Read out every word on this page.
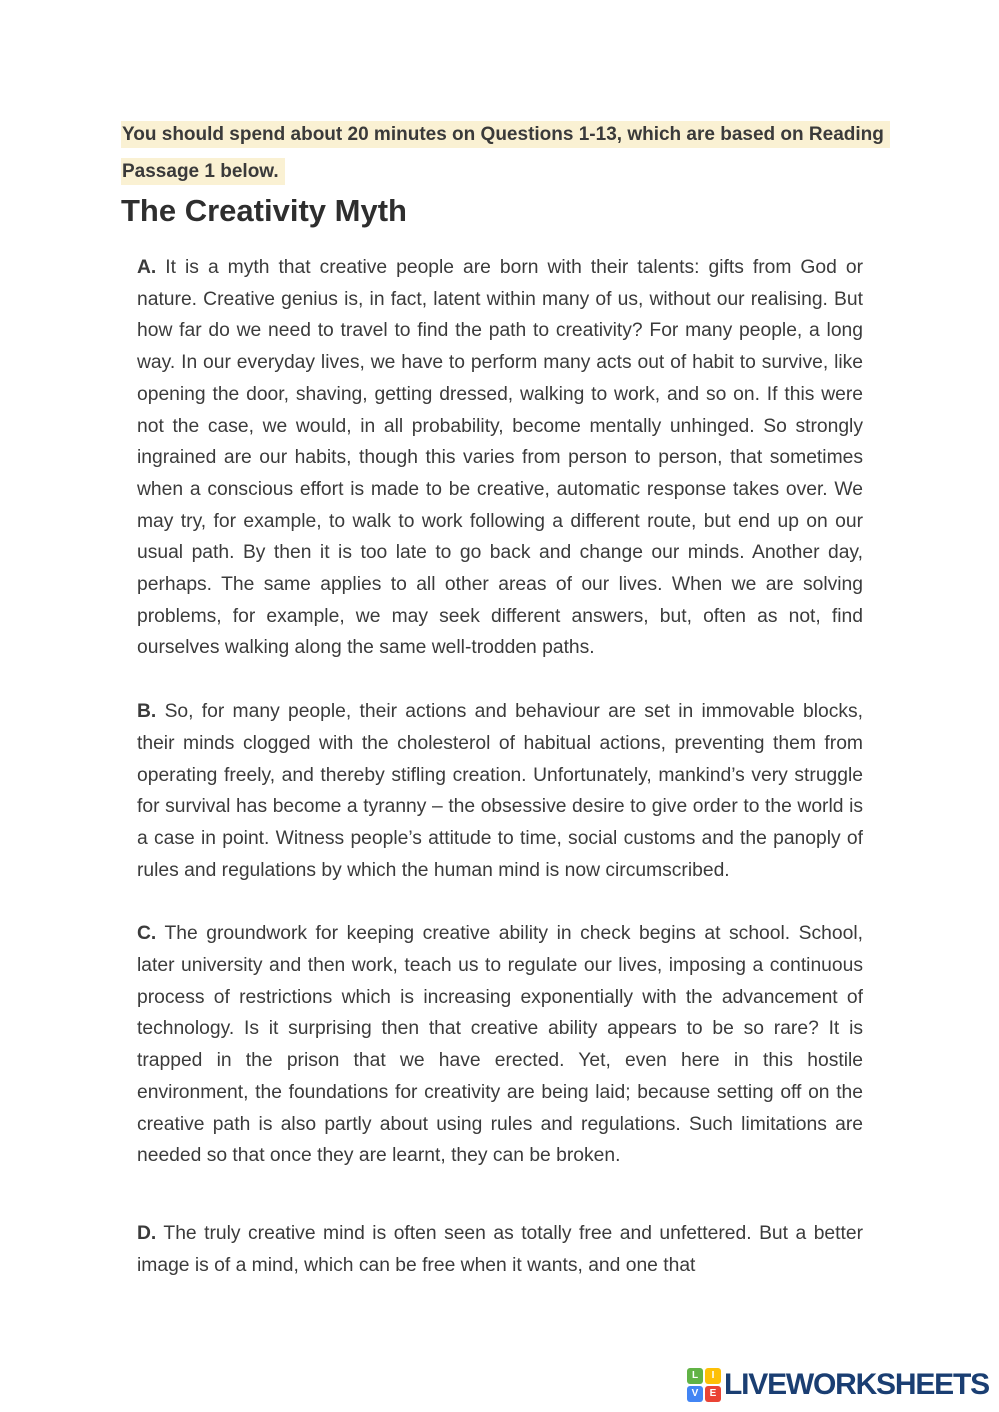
You should spend about 20 minutes on Questions 1-13, which are based on Reading
Passage 1 below.
The Creativity Myth

A. It is a myth that creative people are born with their talents: gifts from God or nature. Creative genius is, in fact, latent within many of us, without our realising. But how far do we need to travel to find the path to creativity? For many people, a long way. In our everyday lives, we have to perform many acts out of habit to survive, like opening the door, shaving, getting dressed, walking to work, and so on. If this were not the case, we would, in all probability, become mentally unhinged. So strongly ingrained are our habits, though this varies from person to person, that sometimes when a conscious effort is made to be creative, automatic response takes over. We may try, for example, to walk to work following a different route, but end up on our usual path. By then it is too late to go back and change our minds. Another day, perhaps. The same applies to all other areas of our lives. When we are solving problems, for example, we may seek different answers, but, often as not, find ourselves walking along the same well-trodden paths.

B. So, for many people, their actions and behaviour are set in immovable blocks, their minds clogged with the cholesterol of habitual actions, preventing them from operating freely, and thereby stifling creation. Unfortunately, mankind’s very struggle for survival has become a tyranny – the obsessive desire to give order to the world is a case in point. Witness people’s attitude to time, social customs and the panoply of rules and regulations by which the human mind is now circumscribed.

C. The groundwork for keeping creative ability in check begins at school. School, later university and then work, teach us to regulate our lives, imposing a continuous process of restrictions which is increasing exponentially with the advancement of technology. Is it surprising then that creative ability appears to be so rare? It is trapped in the prison that we have erected. Yet, even here in this hostile environment, the foundations for creativity are being laid; because setting off on the creative path is also partly about using rules and regulations. Such limitations are needed so that once they are learnt, they can be broken.

D. The truly creative mind is often seen as totally free and unfettered. But a better image is of a mind, which can be free when it wants, and one that

L	I
V	E LIVEWORKSHEETS
